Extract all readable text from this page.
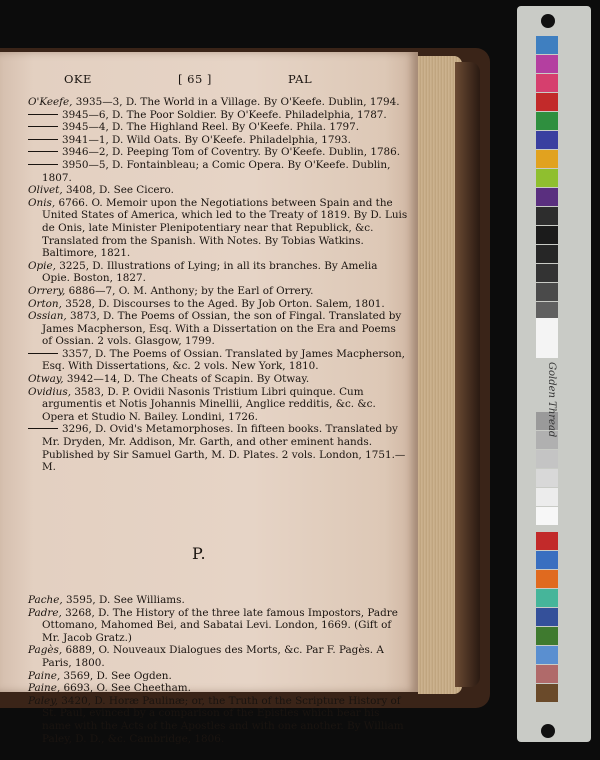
OKE	[ 65 ]	PAL

O'Keefe, 3935—3, D. The World in a Village. By O'Keefe. Dublin, 1794.

3945—6, D. The Poor Soldier. By O'Keefe. Philadelphia, 1787.

3945—4, D. The Highland Reel. By O'Keefe. Phila. 1797.

3941—1, D. Wild Oats. By O'Keefe. Philadelphia, 1793.

3946—2, D. Peeping Tom of Coventry. By O'Keefe. Dublin, 1786.

3950—5, D. Fontainbleau; a Comic Opera. By O'Keefe. Dublin, 1807.

Olivet, 3408, D. See Cicero.

Onis, 6766. O. Memoir upon the Negotiations between Spain and the United States of America, which led to the Treaty of 1819. By D. Luis de Onis, late Minister Plenipotentiary near that Republick, &c. Translated from the Spanish. With Notes. By Tobias Watkins. Baltimore, 1821.

Opie, 3225, D. Illustrations of Lying; in all its branches. By Amelia Opie. Boston, 1827.

Orrery, 6886—7, O. M. Anthony; by the Earl of Orrery.

Orton, 3528, D. Discourses to the Aged. By Job Orton. Salem, 1801.

Ossian, 3873, D. The Poems of Ossian, the son of Fingal. Translated by James Macpherson, Esq. With a Dissertation on the Era and Poems of Ossian. 2 vols. Glasgow, 1799.

3357, D. The Poems of Ossian. Translated by James Macpherson, Esq. With Dissertations, &c. 2 vols. New York, 1810.

Otway, 3942—14, D. The Cheats of Scapin. By Otway.

Ovidius, 3583, D. P. Ovidii Nasonis Tristium Libri quinque. Cum argumentis et Notis Johannis Minellii, Anglice redditis, &c. &c. Opera et Studio N. Bailey. Londini, 1726.

3296, D. Ovid's Metamorphoses. In fifteen books. Translated by Mr. Dryden, Mr. Addison, Mr. Garth, and other eminent hands. Published by Sir Samuel Garth, M. D. Plates. 2 vols. London, 1751.—M.

P.

Pache, 3595, D. See Williams.

Padre, 3268, D. The History of the three late famous Impostors, Padre Ottomano, Mahomed Bei, and Sabatai Levi. London, 1669. (Gift of Mr. Jacob Gratz.)

Pagès, 6889, O. Nouveaux Dialogues des Morts, &c. Par F. Pagès. A Paris, 1800.

Paine, 3569, D. See Ogden.

Paine, 6693, O. See Cheetham.

Paley, 3420, D. Horæ Paulinæ; or, the Truth of the Scripture History of St. Paul, evinced by a comparison of the Epistles which bear his name with the Acts of the Apostles and with one another. By William Paley, D. D., &c. Cambridge, 1806.

Golden Thread
